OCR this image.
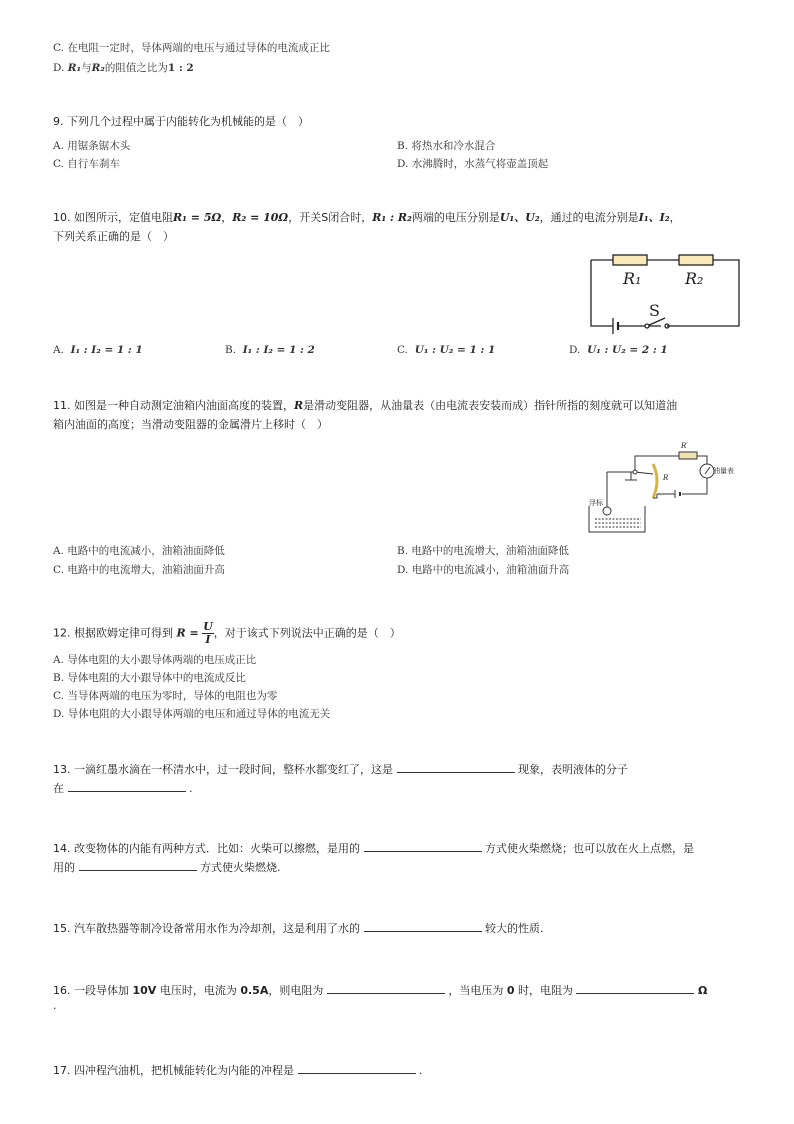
C. 在电阻一定时，导体两端的电压与通过导体的电流成正比
D. R₁与R₂的阻值之比为1 : 2
9. 下列几个过程中属于内能转化为机械能的是（　）
A. 用锯条锯木头	B. 将热水和冷水混合
C. 自行车刹车	D. 水沸腾时，水蒸气将壶盖顶起
10. 如图所示，定值电阻R₁ = 5Ω，R₂ = 10Ω，开关S闭合时，R₁ : R₂两端的电压分别是U₁、U₂，通过的电流分别是I₁、I₂，
下列关系正确的是（　）
R₁	R₂
S
A. I₁ : I₂ = 1 : 1	B. I₁ : I₂ = 1 : 2	C. U₁ : U₂ = 1 : 1	D. U₁ : U₂ = 2 : 1
11. 如图是一种自动测定油箱内油面高度的装置，R是滑动变阻器，从油量表（由电流表安装而成）指针所指的刻度就可以知道油
箱内油面的高度；当滑动变阻器的金属滑片上移时（　）
R′
R
油量表
浮标
A. 电路中的电流减小，油箱油面降低	B. 电路中的电流增大，油箱油面降低
C. 电路中的电流增大，油箱油面升高	D. 电路中的电流减小，油箱油面升高
12. 根据欧姆定律可得到 $R = \frac{U}{I}$ ，对于该式下列说法中正确的是（　）
A. 导体电阻的大小跟导体两端的电压成正比
B. 导体电阻的大小跟导体中的电流成反比
C. 当导体两端的电压为零时，导体的电阻也为零
D. 导体电阻的大小跟导体两端的电压和通过导体的电流无关
13. 一滴红墨水滴在一杯清水中，过一段时间，整杯水都变红了，这是	现象，表明液体的分子
在	.
14. 改变物体的内能有两种方式．比如：火柴可以擦燃，是用的	方式使火柴燃烧；也可以放在火上点燃，是
用的	方式使火柴燃烧.
15. 汽车散热器等制冷设备常用水作为冷却剂，这是利用了水的	较大的性质.
16. 一段导体加 10V 电压时，电流为 0.5A，则电阻为	，当电压为 0 时，电阻为	Ω
.
17. 四冲程汽油机，把机械能转化为内能的冲程是	.
